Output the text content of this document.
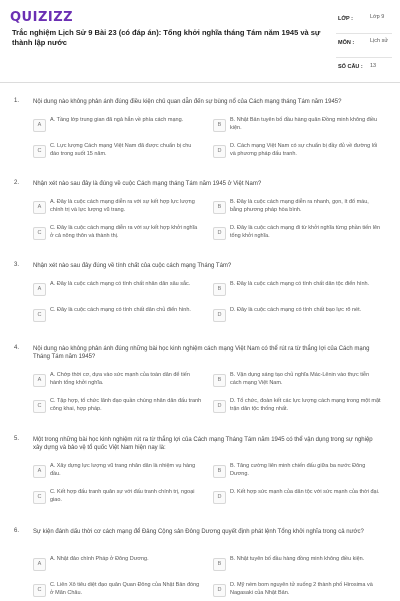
QUIZIZZ
Trắc nghiệm Lịch Sử 9 Bài 23 (có đáp án): Tổng khởi nghĩa tháng Tám năm 1945 và sự thành lập nước
LỚP :	Lớp 9
MÔN :	Lịch sử
SỐ CÂU : 13
1. Nội dung nào không phản ánh đúng điều kiện chủ quan dẫn đến sự bùng nổ của Cách mạng tháng Tám năm 1945?
A
A. Tầng lớp trung gian đã ngả hẳn về phía cách mạng.
B
B. Nhật Bản tuyên bố đầu hàng quân Đồng minh không điều kiện.
C
C. Lực lượng Cách mạng Việt Nam đã được chuẩn bị chu đáo trong suốt 15 năm.	D
D. Cách mạng Việt Nam có sự chuẩn bị đầy đủ về đường lối và phương pháp đấu tranh.
2. Nhận xét nào sau đây là đúng về cuộc Cách mạng tháng Tám năm 1945 ở Việt Nam?
A
A. Đây là cuộc cách mạng diễn ra với sự kết hợp lực lượng chính trị và lực lượng vũ trang.	B
B. Đây là cuộc cách mạng diễn ra nhanh, gọn, ít đổ máu, bằng phương pháp hòa bình.
C
C. Đây là cuộc cách mạng diễn ra với sự kết hợp khởi nghĩa ở cả nông thôn và thành thị.	D
D. Đây là cuộc cách mạng đi từ khởi nghĩa từng phần tiến lên tổng khởi nghĩa.
3. Nhận xét nào sau đây đúng về tính chất của cuộc cách mạng Tháng Tám?
A
A. Đây là cuộc cách mạng có tính chất nhân dân sâu sắc.
B
B. Đây là cuộc cách mạng có tính chất dân tộc điển hình.
C
C. Đây là cuộc cách mạng có tính chất dân chủ điển hình.
D
D. Đây là cuộc cách mạng có tính chất bạo lực rõ nét.
4. Nội dung nào không phản ánh đúng những bài học kinh nghiệm cách mạng Việt Nam có thể rút ra từ thắng lợi của Cách mạng Tháng Tám năm 1945?
A
A. Chớp thời cơ, dựa vào sức mạnh của toàn dân để tiến hành tổng khởi nghĩa.	B
B. Vận dụng sáng tạo chủ nghĩa Mác-Lênin vào thực tiễn cách mạng Việt Nam.
C
C. Tập hợp, tổ chức lãnh đạo quần chúng nhân dân đấu tranh công khai, hợp pháp.	D
D. Tổ chức, đoàn kết các lực lượng cách mạng trong một mặt trận dân tộc thống nhất.
5. Một trong những bài học kinh nghiệm rút ra từ thắng lợi của Cách mạng Tháng Tám năm 1945 có thể vận dụng trong sự nghiệp xây dựng và bảo vệ tổ quốc Việt Nam hiện nay là:
A
A. Xây dựng lực lượng vũ trang nhân dân là nhiệm vụ hàng đầu.	B
B. Tăng cường liên minh chiến đấu giữa ba nước Đông Dương.
C
C. Kết hợp đấu tranh quân sự với đấu tranh chính trị, ngoại giao.	D
D. Kết hợp sức mạnh của dân tộc với sức mạnh của thời đại.
6. Sự kiện đánh dấu thời cơ cách mạng để Đảng Cộng sản Đông Dương quyết định phát lệnh Tổng khởi nghĩa trong cả nước?
A
A. Nhật đảo chính Pháp ở Đông Dương.
B
B. Nhật tuyên bố đầu hàng đồng minh không điều kiện.
C
C. Liên Xô tiêu diệt đạo quân Quan Đông của Nhật Bản đóng ở Mãn Châu.	D
D. Mỹ ném bom nguyên tử xuống 2 thành phố Hirosima và Nagasaki của Nhật Bản.
